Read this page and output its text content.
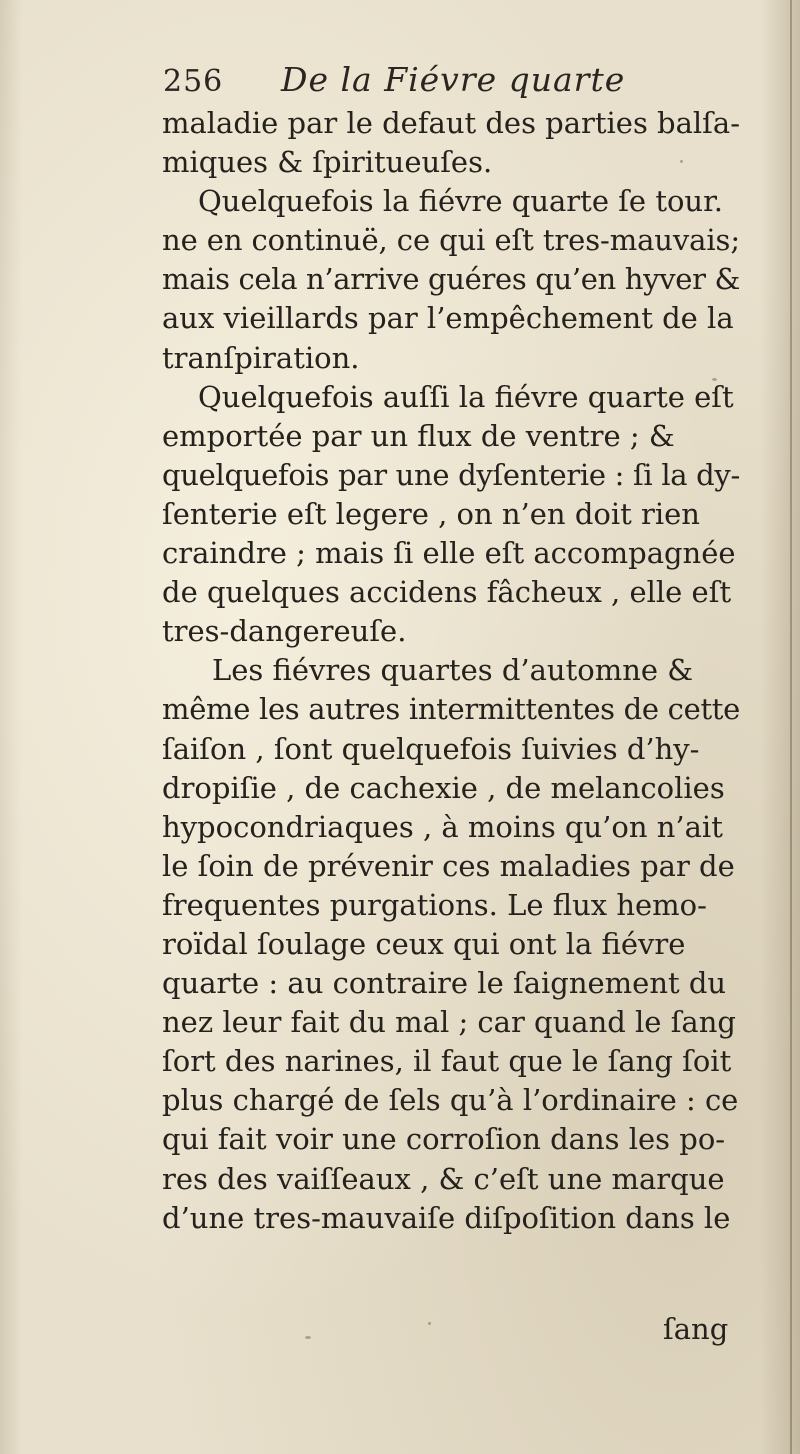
256 De la Fiévre quarte
maladie par le defaut des parties balſa-
miques & ſpiritueuſes.
Quelquefois la fiévre quarte ſe tour.
ne en continuë, ce qui eſt tres-mauvais;
mais cela n’arrive guéres qu’en hyver &
aux vieillards par l’empêchement de la
tranſpiration.
Quelquefois auſſi la fiévre quarte eſt
emportée par un flux de ventre ; &
quelquefois par une dyſenterie : ſi la dy-
ſenterie eſt legere , on n’en doit rien
craindre ; mais ſi elle eſt accompagnée
de quelques accidens fâcheux , elle eſt
tres-dangereuſe.
Les fiévres quartes d’automne &
même les autres intermittentes de cette
ſaiſon , ſont quelquefois ſuivies d’hy-
dropiſie , de cachexie , de melancolies
hypocondriaques , à moins qu’on n’ait
le ſoin de prévenir ces maladies par de
frequentes purgations. Le flux hemo-
roïdal ſoulage ceux qui ont la fiévre
quarte : au contraire le ſaignement du
nez leur fait du mal ; car quand le ſang
ſort des narines, il faut que le ſang ſoit
plus chargé de ſels qu’à l’ordinaire : ce
qui fait voir une corroſion dans les po-
res des vaiſſeaux , & c’eſt une marque
d’une tres-mauvaiſe diſpoſition dans le
ſang
